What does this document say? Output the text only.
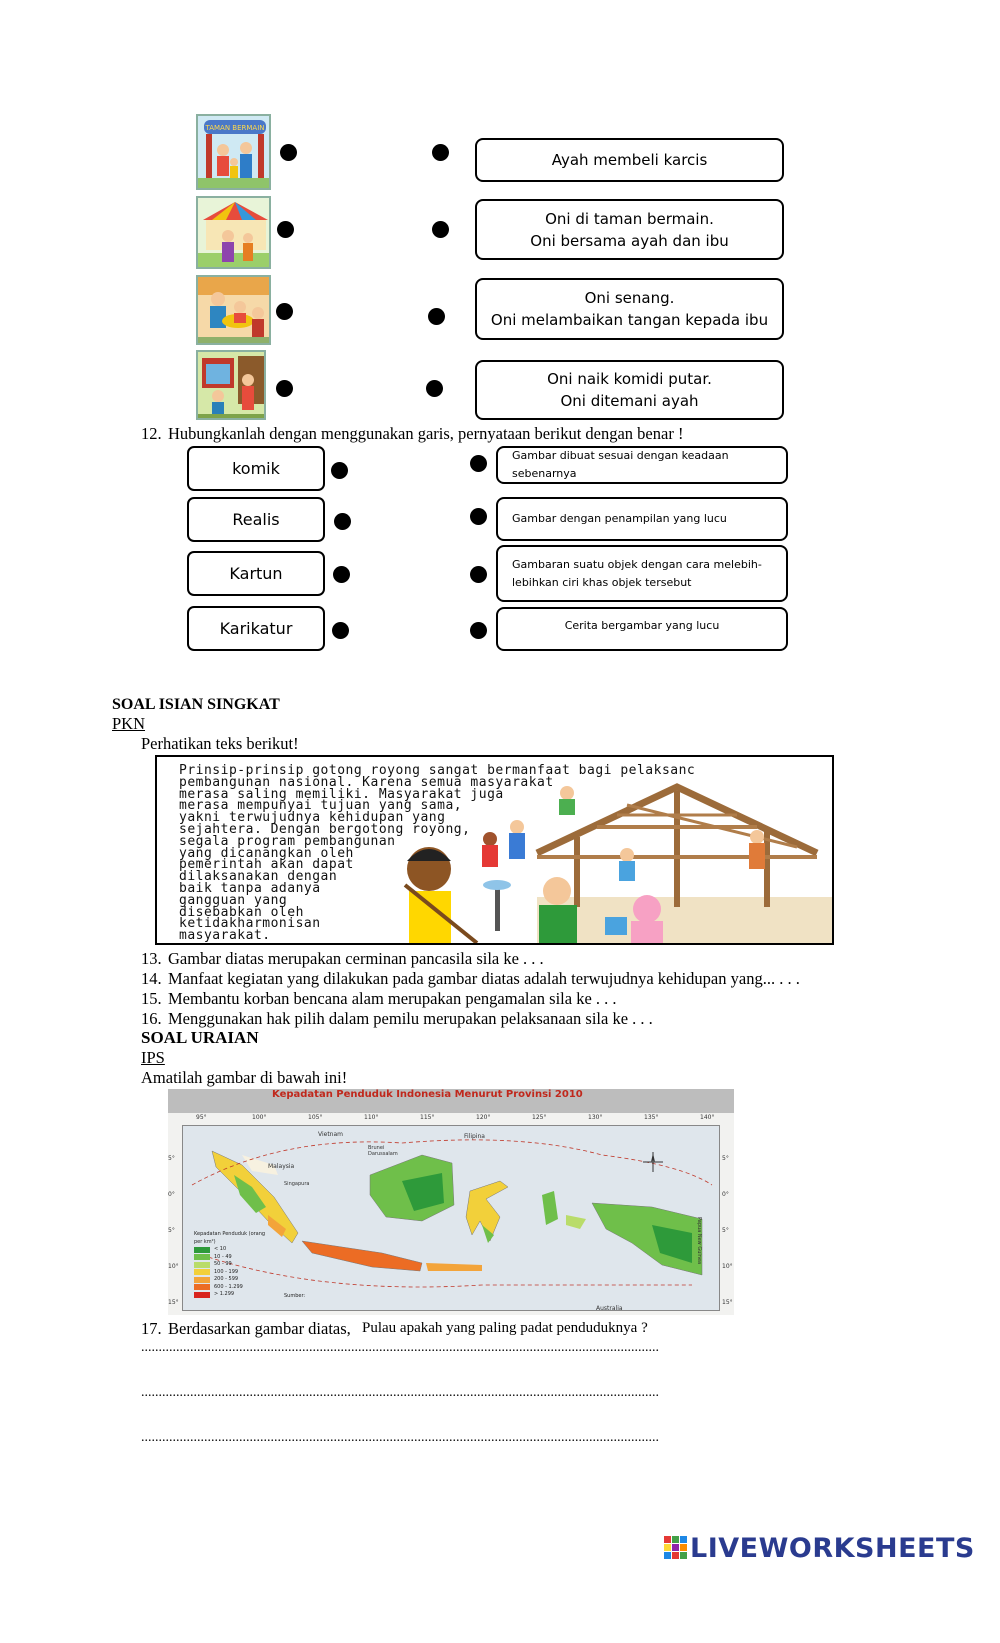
TAMAN BERMAIN
Ayah membeli karcis
Oni di taman bermain.
Oni bersama ayah dan ibu
Oni senang.
Oni melambaikan tangan kepada ibu
Oni naik komidi putar.
Oni ditemani ayah
12. Hubungkanlah dengan menggunakan garis, pernyataan berikut dengan benar !
komik
Realis
Kartun
Karikatur
Gambar dibuat sesuai dengan keadaan sebenarnya
Gambar dengan penampilan yang lucu
Gambaran suatu objek dengan cara melebih-
lebihkan ciri khas objek tersebut
Cerita bergambar yang lucu
SOAL ISIAN SINGKAT
PKN
Perhatikan teks berikut!
Prinsip-prinsip gotong royong sangat bermanfaat bagi pelaksanc
pembangunan nasional. Karena semua masyarakat
merasa saling memiliki. Masyarakat juga
merasa mempunyai tujuan yang sama,
yakni terwujudnya kehidupan yang
sejahtera. Dengan bergotong royong,
segala program pembangunan
yang dicanangkan oleh
pemerintah akan dapat
dilaksanakan dengan
baik tanpa adanya
gangguan yang
disebabkan oleh
ketidakharmonisan
masyarakat.
13. Gambar diatas merupakan cerminan pancasila sila ke . . .
14. Manfaat kegiatan yang dilakukan pada gambar diatas adalah terwujudnya kehidupan yang... . . .
15. Membantu korban bencana alam merupakan pengamalan sila ke . . .
16. Menggunakan hak pilih dalam pemilu merupakan pelaksanaan sila ke . . .
SOAL URAIAN
IPS
Amatilah gambar di bawah ini!
Kepadatan Penduduk Indonesia Menurut Provinsi 2010
95°	100°	105°	110°	115°	120°	125°	130°	135°	140°
5°
0°
5°
10°
15°
5°
0°
5°
10°
15°
Vietnam	Filipina
Brunei Darussalam
Malaysia
Singapura
Australia
Papua New Guinea
Kepadatan Penduduk (orang per km²)
< 10
10 - 49
50 - 99
100 - 199
200 - 599
600 - 1.299
> 1.299	Sumber:
17. Berdasarkan gambar diatas, Pulau apakah yang paling padat penduduknya ?
....................................................................................................................................................
....................................................................................................................................................
....................................................................................................................................................
LIVEWORKSHEETS
